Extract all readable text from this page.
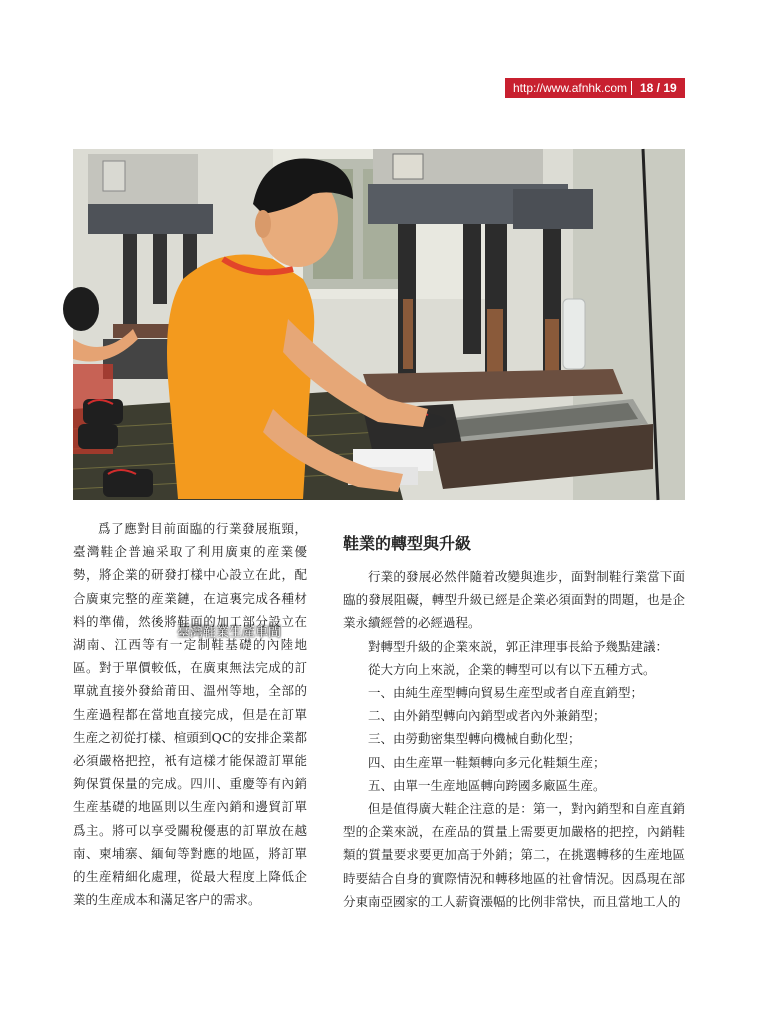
http://www.afnhk.com	18 / 19
臺灣鞋業生產車間

爲了應對目前面臨的行業發展瓶頸，臺灣鞋企普遍采取了利用廣東的産業優勢，將企業的研發打樣中心設立在此，配合廣東完整的産業鏈，在這裏完成各種材料的準備，然後將鞋面的加工部分設立在湖南、江西等有一定制鞋基礎的內陸地區。對于單價較低，在廣東無法完成的訂單就直接外發給莆田、溫州等地，全部的生産過程都在當地直接完成，但是在訂單生産之初從打樣、楦頭到QC的安排企業都必須嚴格把控，衹有這樣才能保證訂單能夠保質保量的完成。四川、重慶等有內銷生産基礎的地區則以生産內銷和邊貿訂單爲主。將可以享受關稅優惠的訂單放在越南、柬埔寨、緬甸等對應的地區，將訂單的生産精細化處理，從最大程度上降低企業的生産成本和滿足客户的需求。

鞋業的轉型與升級

行業的發展必然伴隨着改變與進步，面對制鞋行業當下面臨的發展阻礙，轉型升級已經是企業必須面對的問題，也是企業永續經營的必經過程。

對轉型升級的企業來説，郭正津理事長給予幾點建議：

從大方向上來説，企業的轉型可以有以下五種方式。

一、由純生産型轉向貿易生産型或者自産直銷型；

二、由外銷型轉向內銷型或者內外兼銷型；

三、由勞動密集型轉向機械自動化型；

四、由生産單一鞋類轉向多元化鞋類生産；

五、由單一生産地區轉向跨國多廠區生産。

但是值得廣大鞋企注意的是：第一，對內銷型和自産直銷型的企業來説，在産品的質量上需要更加嚴格的把控，內銷鞋類的質量要求要更加高于外銷；第二，在挑選轉移的生産地區時要結合自身的實際情況和轉移地區的社會情況。因爲現在部分東南亞國家的工人薪資漲幅的比例非常快，而且當地工人的
